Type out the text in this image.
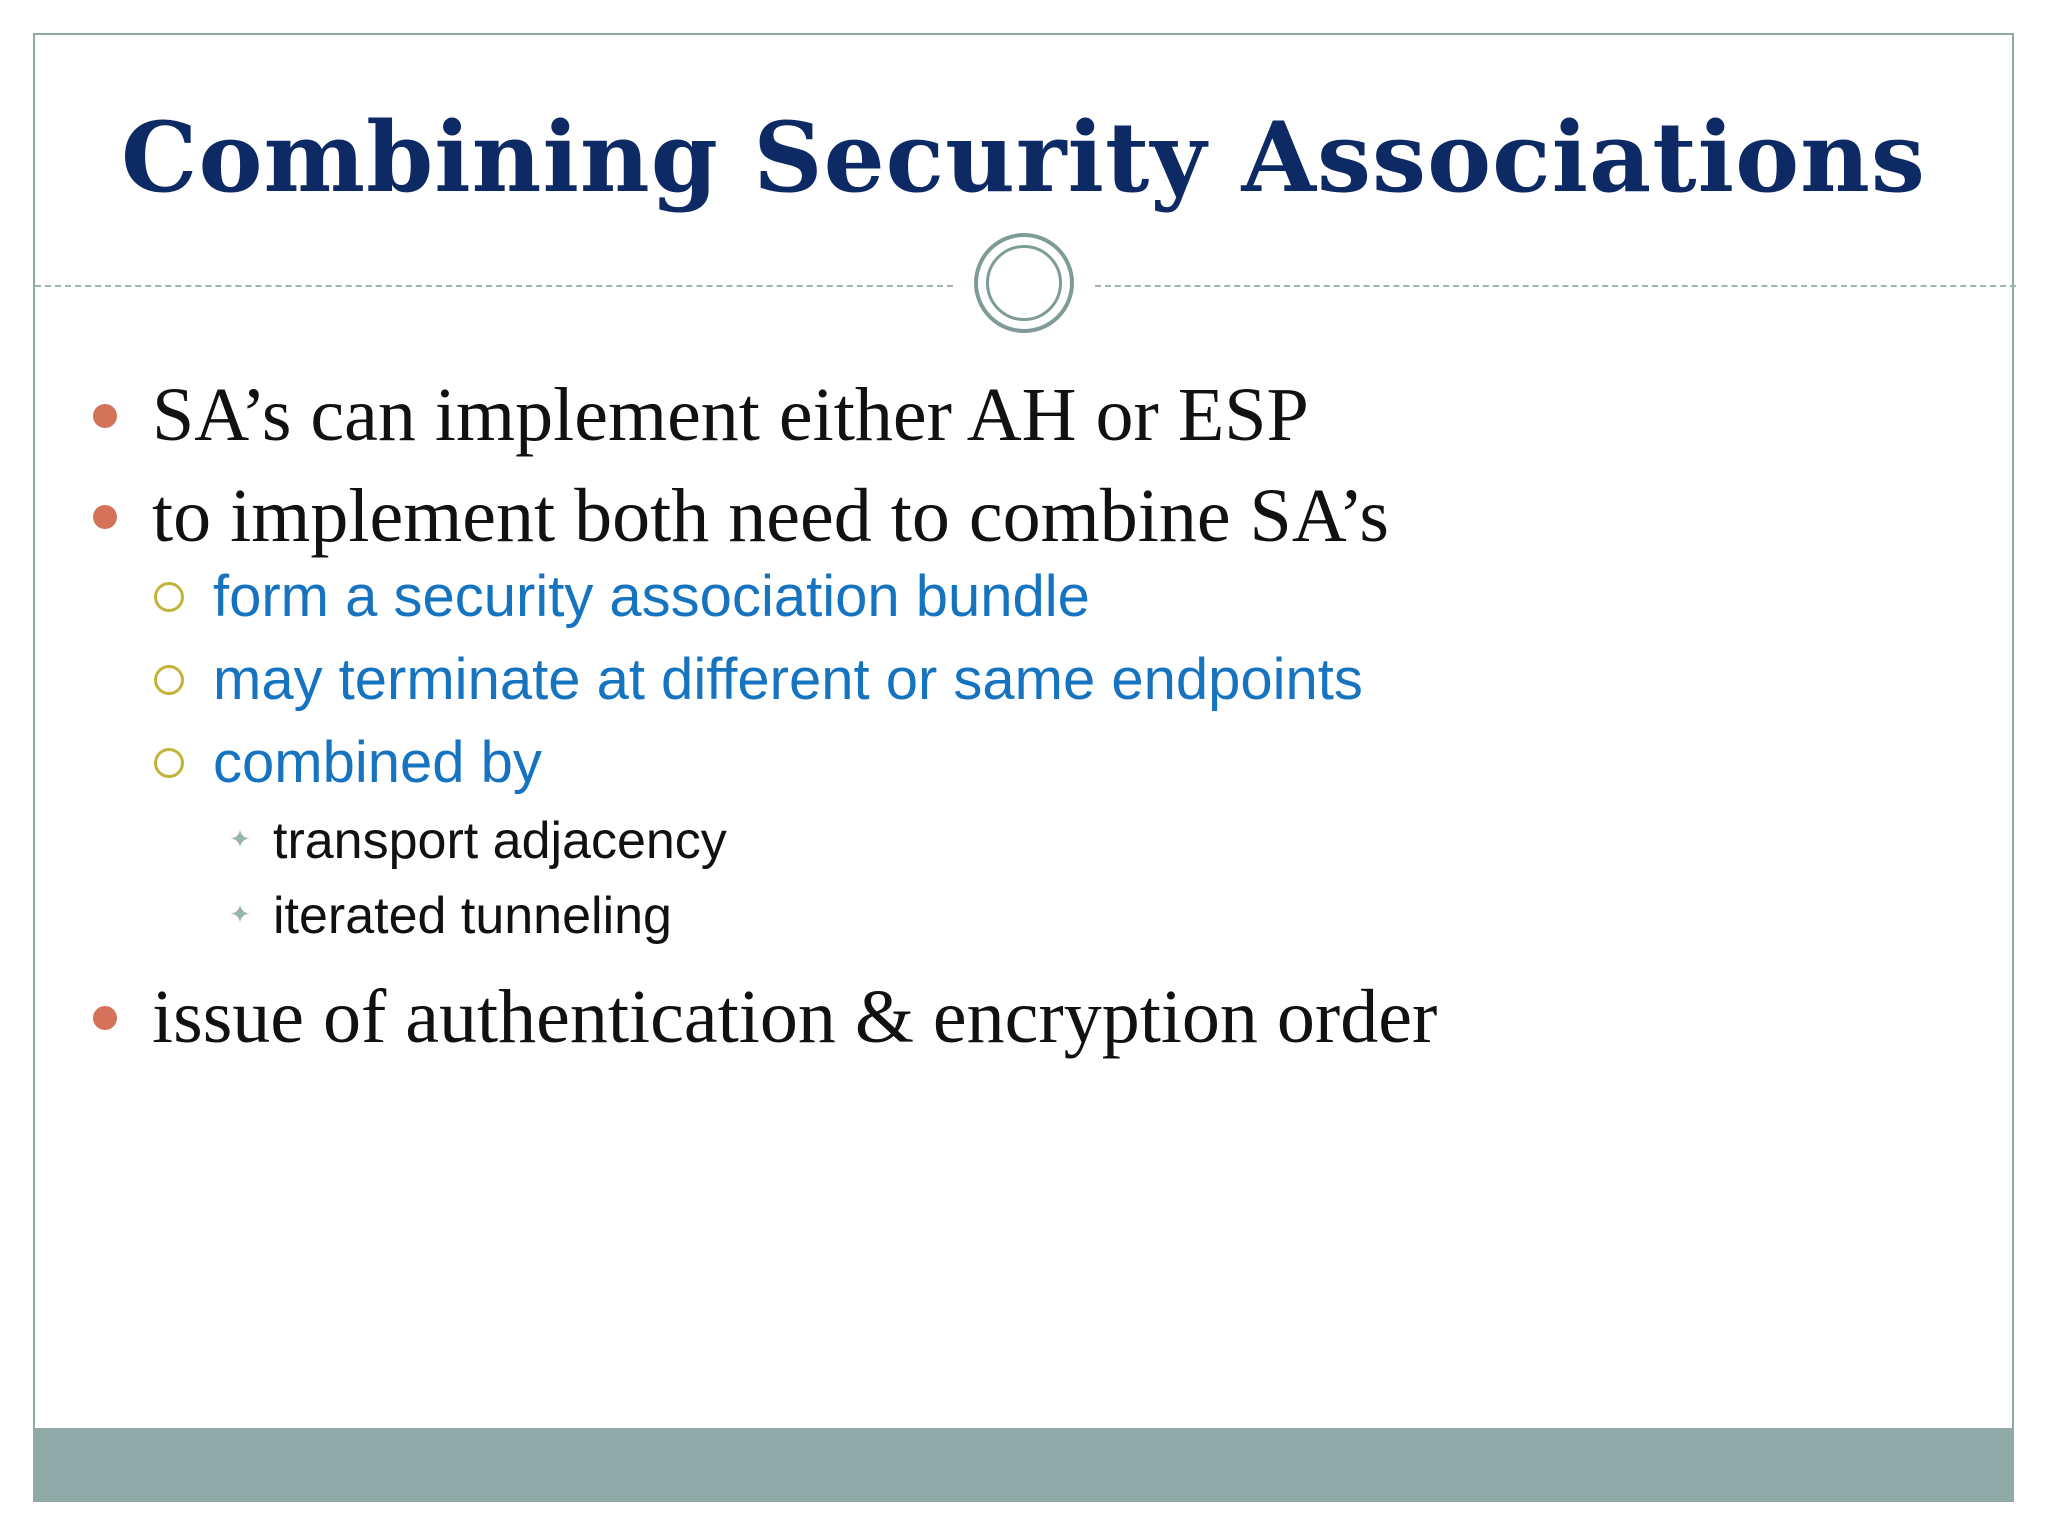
Combining Security Associations
SA’s can implement either AH or ESP
to implement both need to combine SA’s
form a security association bundle
may terminate at different or same endpoints
combined by
✦ transport adjacency
✦ iterated tunneling
issue of authentication & encryption order
